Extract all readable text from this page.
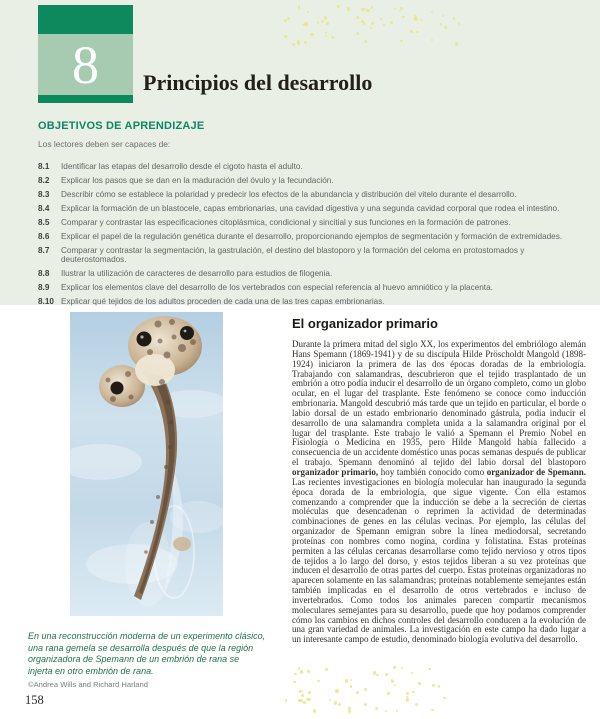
8 Principios del desarrollo
OBJETIVOS DE APRENDIZAJE

Los lectores deben ser capaces de:

8.1	Identificar las etapas del desarrollo desde el cigoto hasta el adulto.
8.2	Explicar los pasos que se dan en la maduración del óvulo y la fecundación.
8.3	Describir cómo se establece la polaridad y predecir los efectos de la abundancia y distribución del vitelo durante el desarrollo.
8.4	Explicar la formación de un blastocele, capas embrionarias, una cavidad digestiva y una segunda cavidad corporal que rodea el intestino.
8.5	Comparar y contrastar las especificaciones citoplásmica, condicional y sincitial y sus funciones en la formación de patrones.
8.6	Explicar el papel de la regulación genética durante el desarrollo, proporcionando ejemplos de segmentación y formación de extremidades.
8.7	Comparar y contrastar la segmentación, la gastrulación, el destino del blastoporo y la formación del celoma en protostomados y deuterostomados.
8.8	Ilustrar la utilización de caracteres de desarrollo para estudios de filogenia.
8.9	Explicar los elementos clave del desarrollo de los vertebrados con especial referencia al huevo amniótico y la placenta.
8.10 Explicar qué tejidos de los adultos proceden de cada una de las tres capas embrionarias.

En una reconstrucción moderna de un experimento clásico, una rana gemela se desarrolla después de que la región organizadora de Spemann de un embrión de rana se injerta en otro embrión de rana.

©Andrea Wills and Richard Harland

El organizador primario

Durante la primera mitad del siglo XX, los experimentos del embriólogo alemán Hans Spemann (1869-1941) y de su discípula Hilde Pröscholdt Mangold (1898-1924) iniciaron la primera de las dos épocas doradas de la embriología. Trabajando con salamandras, descubrieron que el tejido trasplantado de un embrión a otro podía inducir el desarrollo de un órgano completo, como un globo ocular, en el lugar del trasplante. Este fenómeno se conoce como inducción embrionaria. Mangold descubrió más tarde que un tejido en particular, el borde o labio dorsal de un estado embrionario denominado gástrula, podía inducir el desarrollo de una salamandra completa unida a la salamandra original por el lugar del trasplante. Este trabajo le valió a Spemann el Premio Nobel en Fisiología o Medicina en 1935, pero Hilde Mangold había fallecido a consecuencia de un accidente doméstico unas pocas semanas después de publicar el trabajo. Spemann denominó al tejido del labio dorsal del blastoporo organizador primario, hoy también conocido como organizador de Spemann. Las recientes investigaciones en biología molecular han inaugurado la segunda época dorada de la embriología, que sigue vigente. Con ella estamos comenzando a comprender que la inducción se debe a la secreción de ciertas moléculas que desencadenan o reprimen la actividad de determinadas combinaciones de genes en las células vecinas. Por ejemplo, las células del organizador de Spemann emigran sobre la línea mediodorsal, secretando proteínas con nombres como nogina, cordina y folistatina. Estas proteínas permiten a las células cercanas desarrollarse como tejido nervioso y otros tipos de tejidos a lo largo del dorso, y estos tejidos liberan a su vez proteínas que inducen el desarrollo de otras partes del cuerpo. Estas proteínas organizadoras no aparecen solamente en las salamandras; proteínas notablemente semejantes están también implicadas en el desarrollo de otros vertebrados e incluso de invertebrados. Como todos los animales parecen compartir mecanismos moleculares semejantes para su desarrollo, puede que hoy podamos comprender cómo los cambios en dichos controles del desarrollo conducen a la evolución de una gran variedad de animales. La investigación en este campo ha dado lugar a un interesante campo de estudio, denominado biología evolutiva del desarrollo.

158
